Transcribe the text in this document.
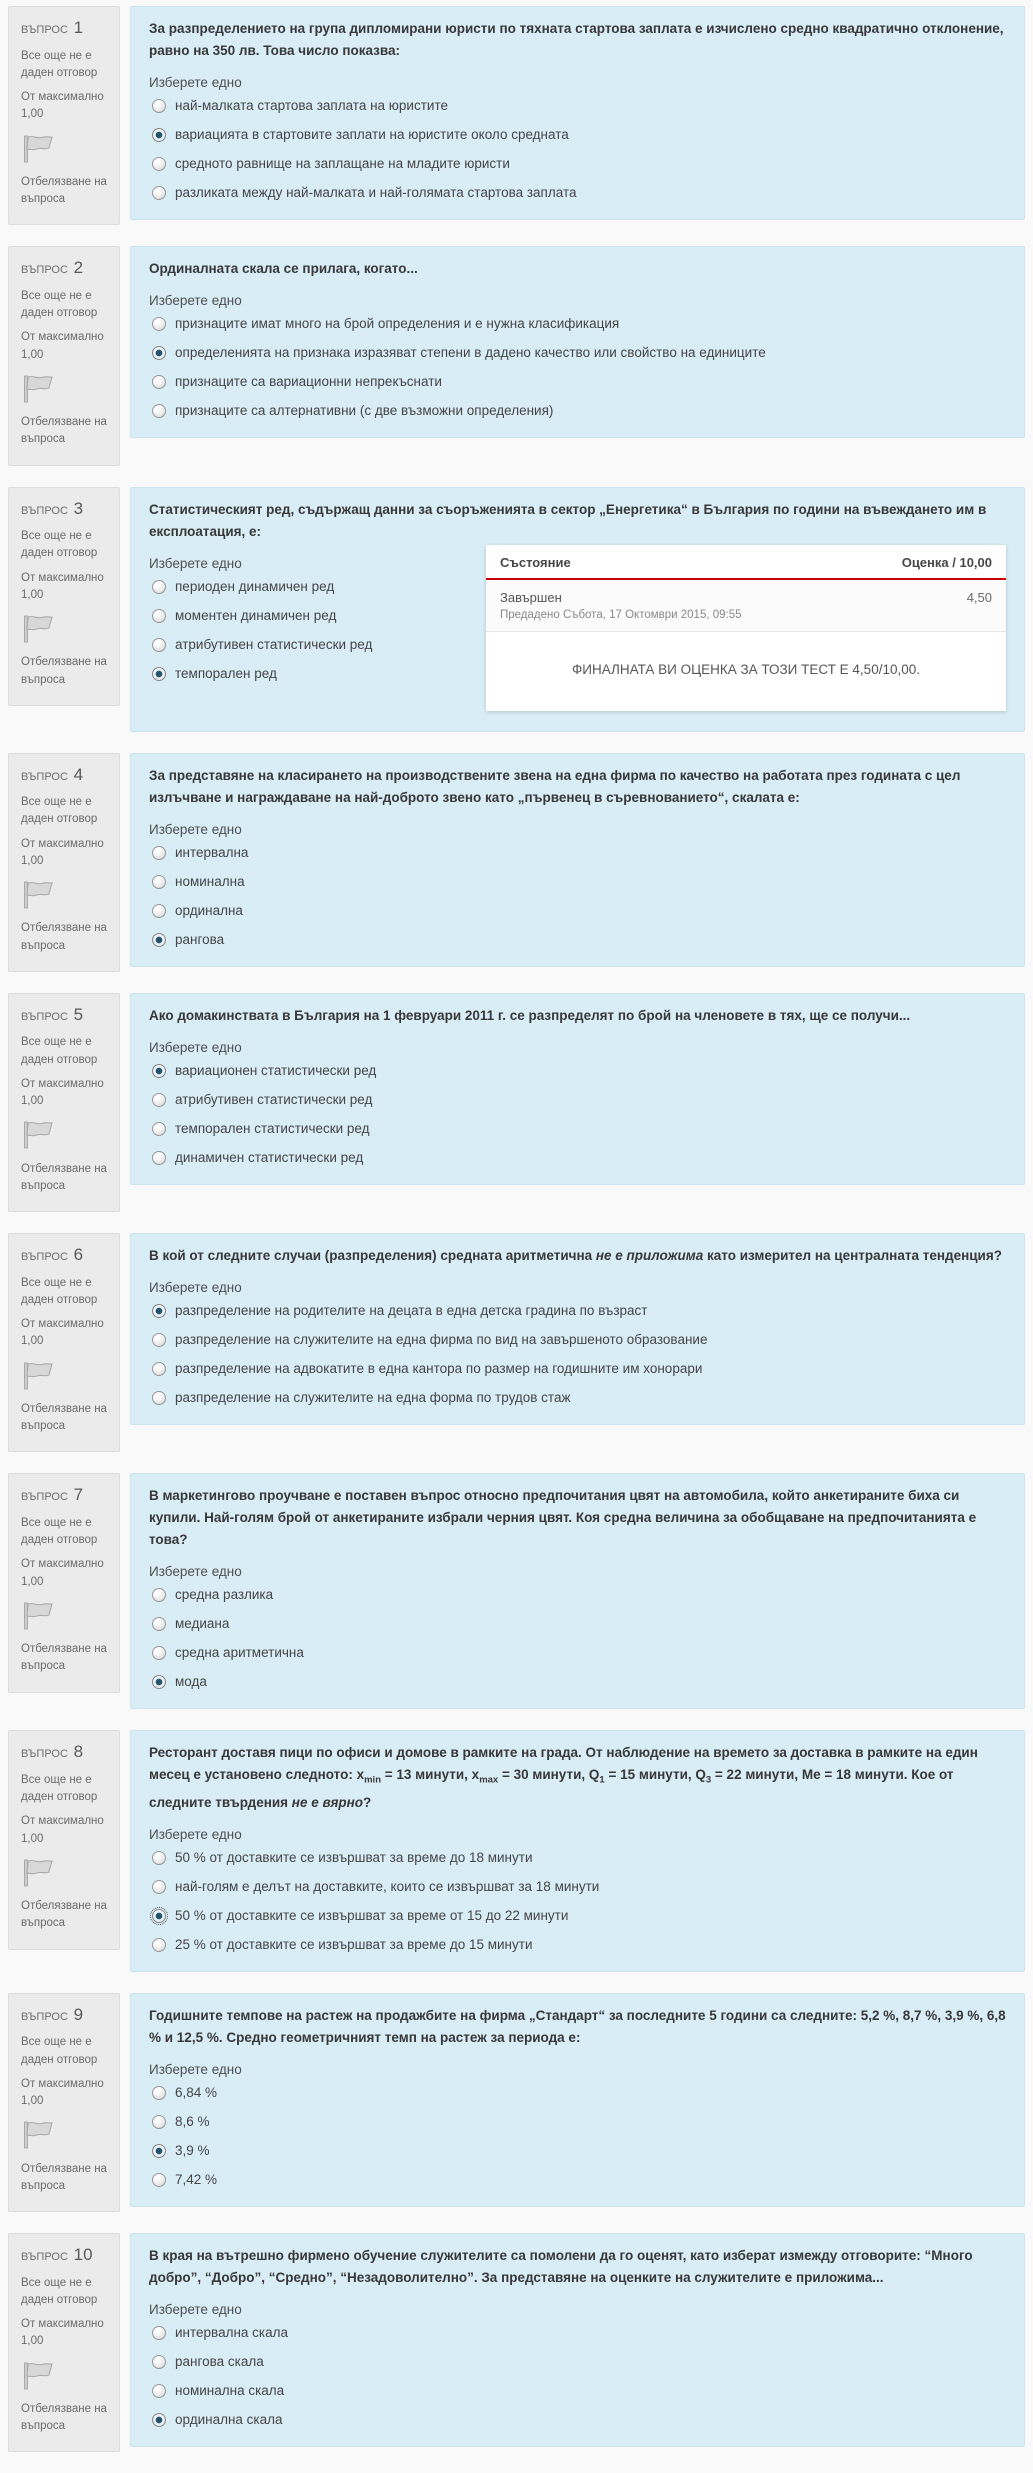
ВЪПРОС 1
Все още не е даден отговор
От максимално 1,00
Отбелязване на въпроса
За разпределението на група дипломирани юристи по тяхната стартова заплата е изчислено средно квадратично отклонение, равно на 350 лв. Това число показва:
Изберете едно
най-малката стартова заплата на юристите
вариацията в стартовите заплати на юристите около средната
средното равнище на заплащане на младите юристи
разликата между най-малката и най-голямата стартова заплата
ВЪПРОС 2
Все още не е даден отговор
От максимално 1,00
Отбелязване на въпроса
Ординалната скала се прилага, когато...
Изберете едно
признаците имат много на брой определения и е нужна класификация
определенията на признака изразяват степени в дадено качество или свойство на единиците
признаците са вариационни непрекъснати
признаците са алтернативни (с две възможни определения)
ВЪПРОС 3
Все още не е даден отговор
От максимално 1,00
Отбелязване на въпроса
Статистическият ред, съдържащ данни за съоръженията в сектор „Енергетика“ в България по години на въвеждането им в експлоатация, е:
Състояние	Оценка / 10,00
Завършен
Предадено Събота, 17 Октомври 2015, 09:55
4,50
ФИНАЛНАТА ВИ ОЦЕНКА ЗА ТОЗИ ТЕСТ Е 4,50/10,00.
Изберете едно
периоден динамичен ред
моментен динамичен ред
атрибутивен статистически ред
темпорален ред
ВЪПРОС 4
Все още не е даден отговор
От максимално 1,00
Отбелязване на въпроса
За представяне на класирането на производствените звена на една фирма по качество на работата през годината с цел излъчване и награждаване на най-доброто звено като „първенец в съревнованието“, скалата е:
Изберете едно
интервална
номинална
ординална
рангова
ВЪПРОС 5
Все още не е даден отговор
От максимално 1,00
Отбелязване на въпроса
Ако домакинствата в България на 1 февруари 2011 г. се разпределят по брой на членовете в тях, ще се получи...
Изберете едно
вариационен статистически ред
атрибутивен статистически ред
темпорален статистически ред
динамичен статистически ред
ВЪПРОС 6
Все още не е даден отговор
От максимално 1,00
Отбелязване на въпроса
В кой от следните случаи (разпределения) средната аритметична не е приложима като измерител на централната тенденция?
Изберете едно
разпределение на родителите на децата в една детска градина по възраст
разпределение на служителите на една фирма по вид на завършеното образование
разпределение на адвокатите в една кантора по размер на годишните им хонорари
разпределение на служителите на една форма по трудов стаж
ВЪПРОС 7
Все още не е даден отговор
От максимално 1,00
Отбелязване на въпроса
В маркетингово проучване е поставен въпрос относно предпочитания цвят на автомобила, който анкетираните биха си купили. Най-голям брой от анкетираните избрали черния цвят. Коя средна величина за обобщаване на предпочитанията е това?
Изберете едно
средна разлика
медиана
средна аритметична
мода
ВЪПРОС 8
Все още не е даден отговор
От максимално 1,00
Отбелязване на въпроса
Ресторант доставя пици по офиси и домове в рамките на града. От наблюдение на времето за доставка в рамките на един месец е установено следното: $x_{min} = 13$ минути, $x_{max} = 30$ минути, $Q_1 = 15$ минути, $Q_3 = 22$ минути, Me = 18 минути. Кое от следните твърдения не е вярно?
Изберете едно
50 % от доставките се извършват за време до 18 минути
най-голям е делът на доставките, които се извършват за 18 минути
50 % от доставките се извършват за време от 15 до 22 минути
25 % от доставките се извършват за време до 15 минути
ВЪПРОС 9
Все още не е даден отговор
От максимално 1,00
Отбелязване на въпроса
Годишните темпове на растеж на продажбите на фирма „Стандарт“ за последните 5 години са следните: 5,2 %, 8,7 %, 3,9 %, 6,8 % и 12,5 %. Средно геометричният темп на растеж за периода е:
Изберете едно
6,84 %
8,6 %
3,9 %
7,42 %
ВЪПРОС 10
Все още не е даден отговор
От максимално 1,00
Отбелязване на въпроса
В края на вътрешно фирмено обучение служителите са помолени да го оценят, като изберат измежду отговорите: “Много добро”, “Добро”, “Средно”, “Незадоволително”. За представяне на оценките на служителите е приложима...
Изберете едно
интервална скала
рангова скала
номинална скала
ординална скала
